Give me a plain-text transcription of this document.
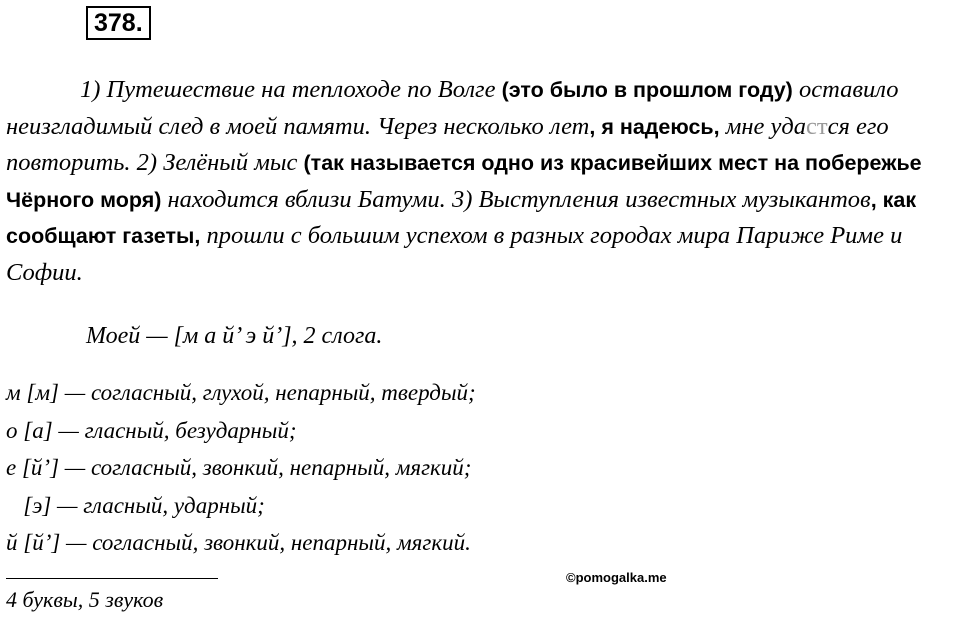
378.
1) Путешествие на теплоходе по Волге (это было в прошлом году) оставило неизгладимый след в моей памяти. Через несколько лет, я надеюсь, мне удастся его повторить. 2) Зелёный мыс (так называется одно из красивейших мест на побережье Чёрного моря) находится вблизи Батуми. 3) Выступления известных музыкантов, как сообщают газеты, прошли с большим успехом в разных городах мира Париже Риме и Софии.
Моей — [м а й’ э й’], 2 слога.
м [м] — согласный, глухой, непарный, твердый;
о [а] — гласный, безударный;
е [й’] — согласный, звонкий, непарный, мягкий;
[э] — гласный, ударный;
й [й’] — согласный, звонкий, непарный, мягкий.
4 буквы, 5 звуков
©pomogalka.me
